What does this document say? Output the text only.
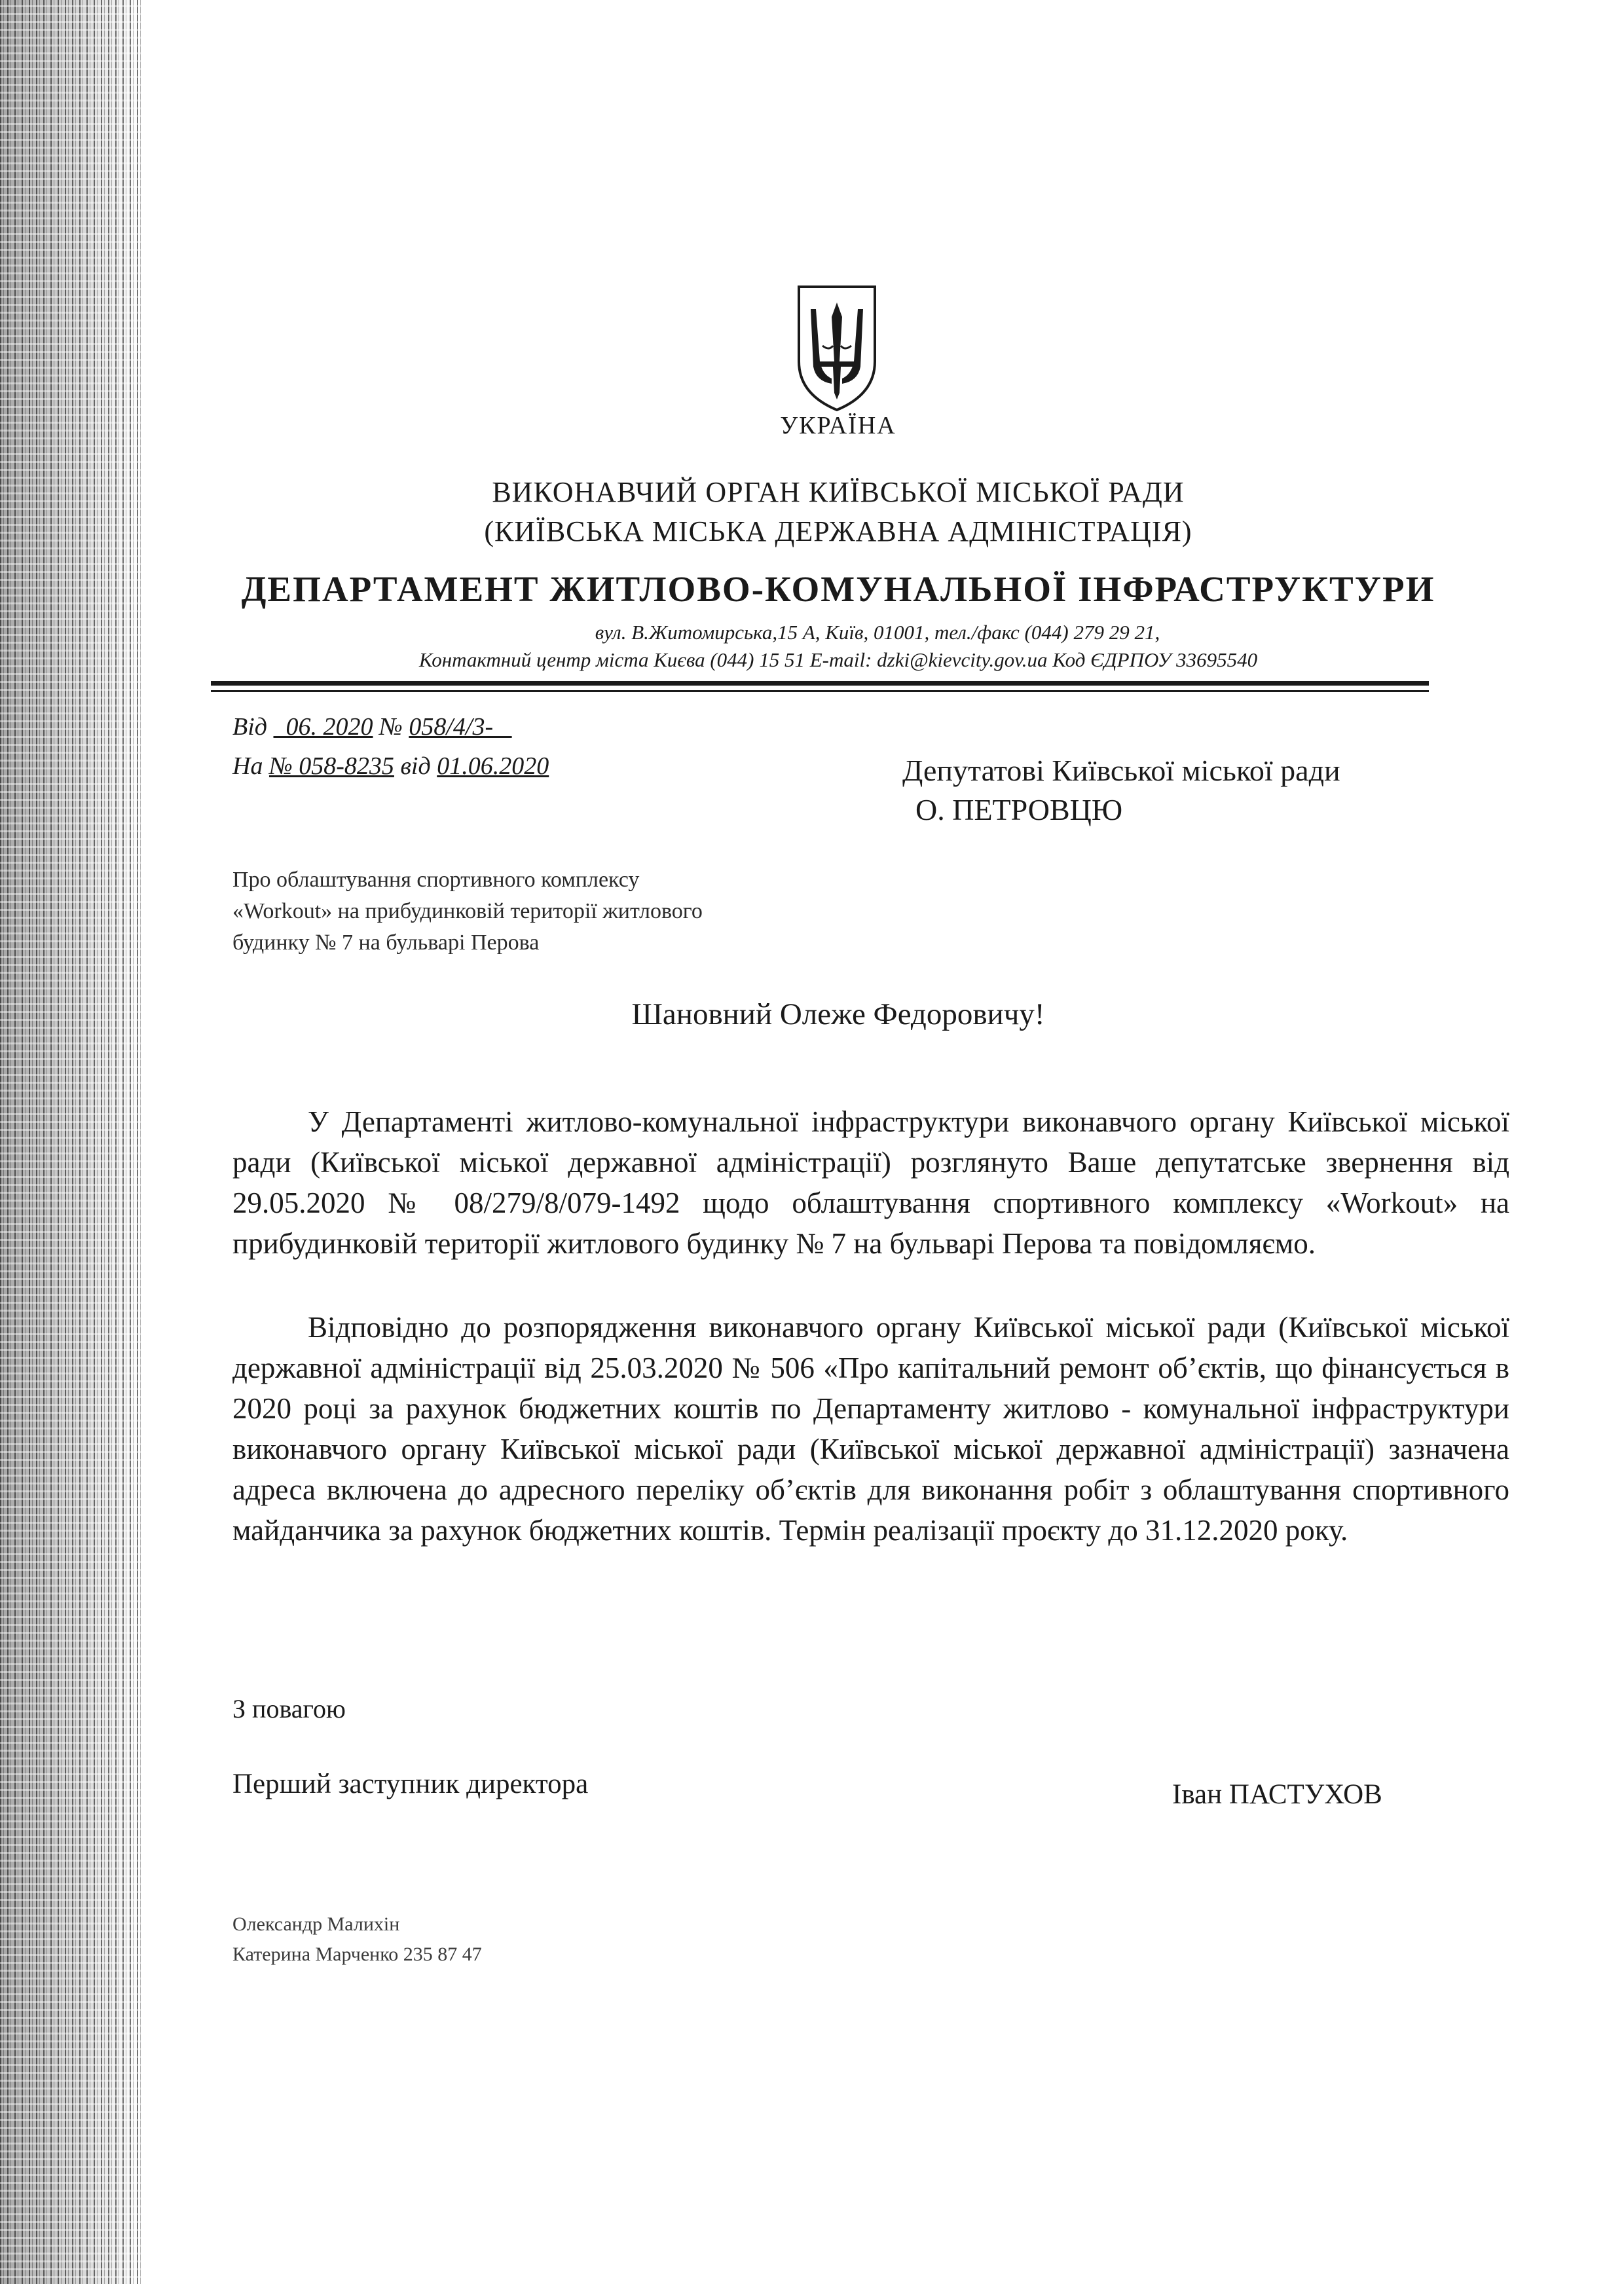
УКРАЇНА
ВИКОНАВЧИЙ ОРГАН КИЇВСЬКОЇ МІСЬКОЇ РАДИ
(КИЇВСЬКА МІСЬКА ДЕРЖАВНА АДМІНІСТРАЦІЯ)
ДЕПАРТАМЕНТ ЖИТЛОВО-КОМУНАЛЬНОЇ ІНФРАСТРУКТУРИ
вул. В.Житомирська,15 А, Київ, 01001, тел./факс (044) 279 29 21,
Контактний центр міста Києва (044) 15 51 E-mail: dzki@kievcity.gov.ua Код ЄДРПОУ 33695540
Від   06. 2020 № 058/4/3-
На № 058-8235 від 01.06.2020	Депутатові Київської міської ради
О. ПЕТРОВЦЮ
Про облаштування спортивного комплексу
«Workout» на прибудинковій території житлового
будинку № 7 на бульварі Перова
Шановний Олеже Федоровичу!
У Департаменті житлово-комунальної інфраструктури виконавчого органу Київської міської ради (Київської міської державної адміністрації) розглянуто Ваше депутатське звернення від 29.05.2020 № 08/279/8/079-1492 щодо облаштування спортивного комплексу «Workout» на прибудинковій території житлового будинку № 7 на бульварі Перова та повідомляємо.
Відповідно до розпорядження виконавчого органу Київської міської ради (Київської міської державної адміністрації від 25.03.2020 № 506 «Про капітальний ремонт об’єктів, що фінансується в 2020 році за рахунок бюджетних коштів по Департаменту житлово - комунальної інфраструктури виконавчого органу Київської міської ради (Київської міської державної адміністрації) зазначена адреса включена до адресного переліку об’єктів для виконання робіт з облаштування спортивного майданчика за рахунок бюджетних коштів. Термін реалізації проєкту до 31.12.2020 року.
З повагою
Перший заступник директора	Іван ПАСТУХОВ
Олександр Малихін
Катерина Марченко 235 87 47
